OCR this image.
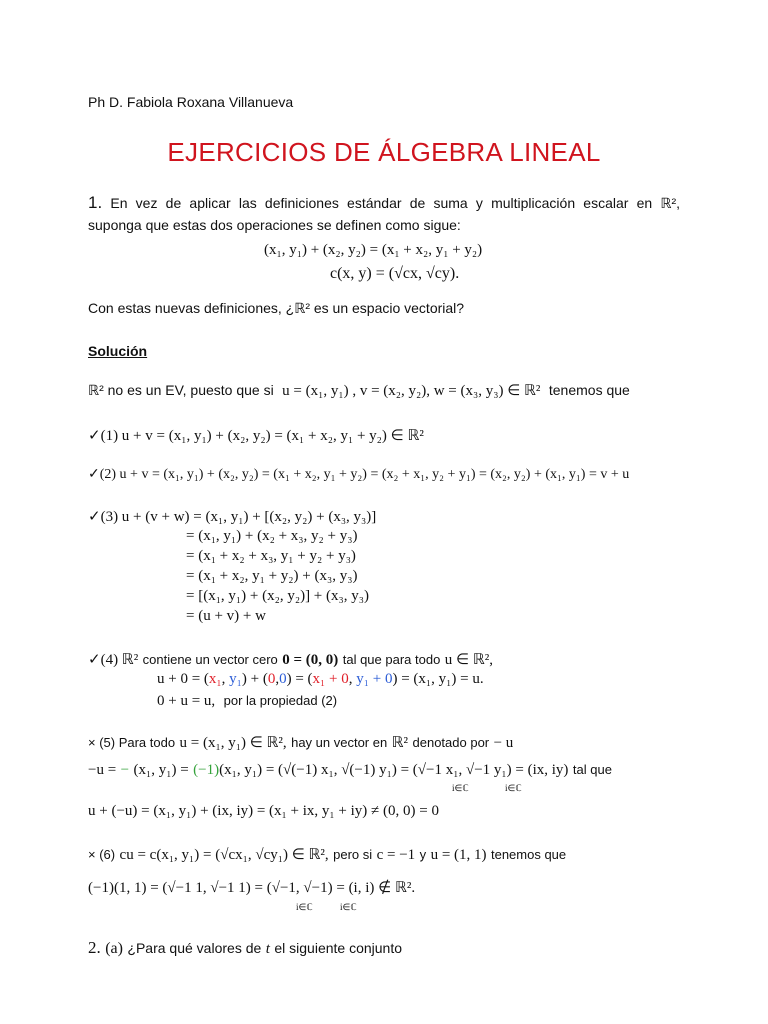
Ph D. Fabiola Roxana Villanueva
EJERCICIOS DE ÁLGEBRA LINEAL
1. En vez de aplicar las definiciones estándar de suma y multiplicación escalar en ℝ²,
suponga que estas dos operaciones se definen como sigue:
(x₁, y₁) + (x₂, y₂) = (x₁ + x₂, y₁ + y₂)
c(x, y) = (√cx, √cy).
Con estas nuevas definiciones, ¿ℝ² es un espacio vectorial?
Solución
ℝ² no es un EV, puesto que si u = (x₁, y₁) , v = (x₂, y₂), w = (x₃, y₃) ∈ ℝ² tenemos que
✓(1) u + v = (x₁, y₁) + (x₂, y₂) = (x₁ + x₂, y₁ + y₂) ∈ ℝ²
✓(2) u + v = (x₁, y₁) + (x₂, y₂) = (x₁ + x₂, y₁ + y₂) = (x₂ + x₁, y₂ + y₁) = (x₂, y₂) + (x₁, y₁) = v + u
✓(3) u + (v + w) = (x₁, y₁) + [(x₂, y₂) + (x₃, y₃)]
= (x₁, y₁) + (x₂ + x₃, y₂ + y₃)
= (x₁ + x₂ + x₃, y₁ + y₂ + y₃)
= (x₁ + x₂, y₁ + y₂) + (x₃, y₃)
= [(x₁, y₁) + (x₂, y₂)] + (x₃, y₃)
= (u + v) + w
✓(4) ℝ² contiene un vector cero 0 = (0, 0) tal que para todo u ∈ ℝ²,
u + 0 = (x₁, y₁) + (0,0) = (x₁ + 0, y₁ + 0) = (x₁, y₁) = u.
0 + u = u, por la propiedad (2)
× (5) Para todo u = (x₁, y₁) ∈ ℝ², hay un vector en ℝ² denotado por − u
−u = − (x₁, y₁) = (−1)(x₁, y₁) = (√(−1) x₁, √(−1) y₁) = (√−1 x₁, √−1 y₁) = (ix, iy) tal que
i∈ℂ	i∈ℂ
u + (−u) = (x₁, y₁) + (ix, iy) = (x₁ + ix, y₁ + iy) ≠ (0, 0) = 0
× (6) cu = c(x₁, y₁) = (√cx₁, √cy₁) ∈ ℝ², pero si c = −1 y u = (1, 1) tenemos que
(−1)(1, 1) = (√−1 1, √−1 1) = (√−1, √−1) = (i, i) ∉ ℝ².
i∈ℂ	i∈ℂ
2. (a) ¿Para qué valores de t el siguiente conjunto
